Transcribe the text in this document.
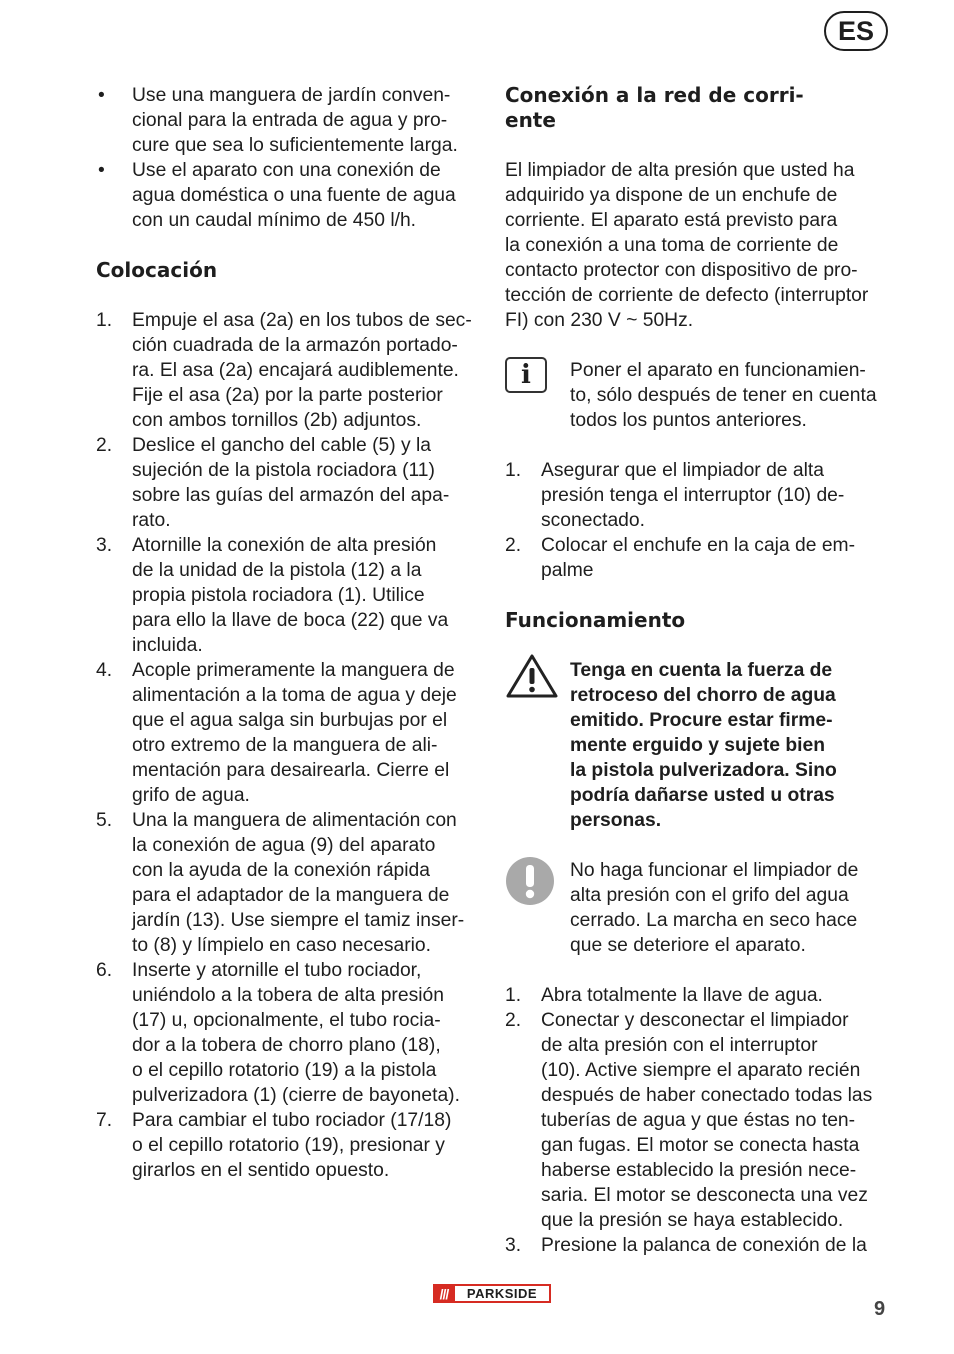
ES
• Use una manguera de jardín conven-
cional para la entrada de agua y pro-
cure que sea lo suficientemente larga.
• Use el aparato con una conexión de
agua doméstica o una fuente de agua
con un caudal mínimo de 450 l/h.
Colocación
1. Empuje el asa (2a) en los tubos de sec-
ción cuadrada de la armazón portado-
ra. El asa (2a) encajará audiblemente.
Fije el asa (2a) por la parte posterior
con ambos tornillos (2b) adjuntos.
2. Deslice el gancho del cable (5) y la
sujeción de la pistola rociadora (11)
sobre las guías del armazón del apa-
rato.
3. Atornille la conexión de alta presión
de la unidad de la pistola (12) a la
propia pistola rociadora (1). Utilice
para ello la llave de boca (22) que va
incluida.
4. Acople primeramente la manguera de
alimentación a la toma de agua y deje
que el agua salga sin burbujas por el
otro extremo de la manguera de ali-
mentación para desairearla. Cierre el
grifo de agua.
5. Una la manguera de alimentación con
la conexión de agua (9) del aparato
con la ayuda de la conexión rápida
para el adaptador de la manguera de
jardín (13). Use siempre el tamiz inser-
to (8) y límpielo en caso necesario.
6. Inserte y atornille el tubo rociador,
uniéndolo a la tobera de alta presión
(17) u, opcionalmente, el tubo rocia-
dor a la tobera de chorro plano (18),
o el cepillo rotatorio (19) a la pistola
pulverizadora (1) (cierre de bayoneta).
7. Para cambiar el tubo rociador (17/18)
o el cepillo rotatorio (19), presionar y
girarlos en el sentido opuesto.
Conexión a la red de corri-
ente
El limpiador de alta presión que usted ha
adquirido ya dispone de un enchufe de
corriente. El aparato está previsto para
la conexión a una toma de corriente de
contacto protector con dispositivo de pro-
tección de corriente de defecto (interruptor
FI) con 230 V ~ 50Hz.
i	Poner el aparato en funcionamien-
to, sólo después de tener en cuenta
todos los puntos anteriores.
1. Asegurar que el limpiador de alta
presión tenga el interruptor (10) de-
sconectado.
2. Colocar el enchufe en la caja de em-
palme
Funcionamiento
Tenga en cuenta la fuerza de
retroceso del chorro de agua
emitido. Procure estar firme-
mente erguido y sujete bien
la pistola pulverizadora. Sino
podría dañarse usted u otras
personas.
No haga funcionar el limpiador de
alta presión con el grifo del agua
cerrado. La marcha en seco hace
que se deteriore el aparato.
1. Abra totalmente la llave de agua.
2. Conectar y desconectar el limpiador
de alta presión con el interruptor
(10). Active siempre el aparato recién
después de haber conectado todas las
tuberías de agua y que éstas no ten-
gan fugas. El motor se conecta hasta
haberse establecido la presión nece-
saria. El motor se desconecta una vez
que la presión se haya establecido.
3. Presione la palanca de conexión de la
///	PARKSIDE
9
